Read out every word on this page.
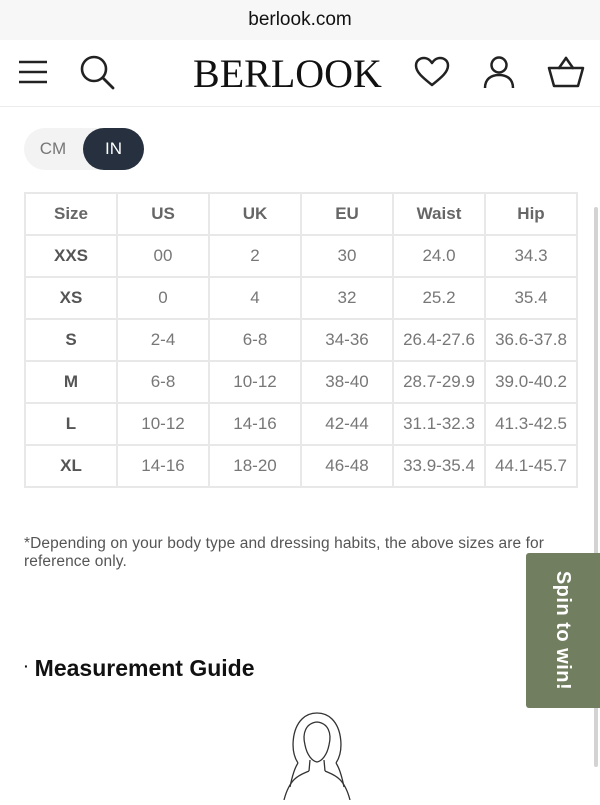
berlook.com
BERLOOK
CM	IN
Size	US	UK	EU	Waist	Hip
XXS	00	2	30	24.0	34.3
XS	0	4	32	25.2	35.4
S	2-4	6-8	34-36	26.4-27.6	36.6-37.8
M	6-8	10-12	38-40	28.7-29.9	39.0-40.2
L	10-12	14-16	42-44	31.1-32.3	41.3-42.5
XL	14-16	18-20	46-48	33.9-35.4	44.1-45.7
*Depending on your body type and dressing habits, the above sizes are for reference only.
· Measurement Guide	Spin to win!
